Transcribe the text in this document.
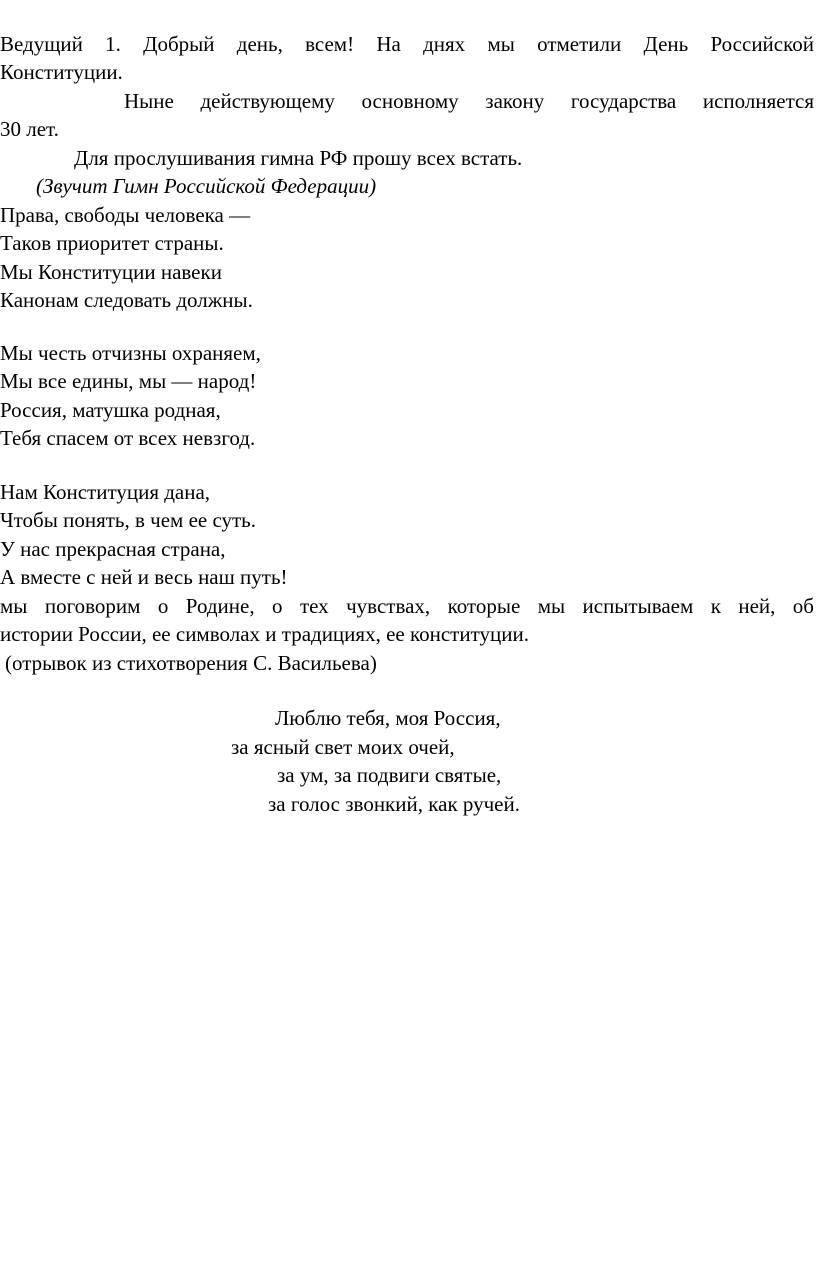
Ведущий 1. Добрый день, всем! На днях мы отметили День Российской
Конституции.
Ныне действующему основному закону государства исполняется
30 лет.
Для прослушивания гимна РФ прошу всех встать.
(Звучит Гимн Российской Федерации)
Права, свободы человека —
Таков приоритет страны.
Мы Конституции навеки
Канонам следовать должны.
Мы честь отчизны охраняем,
Мы все едины, мы — народ!
Россия, матушка родная,
Тебя спасем от всех невзгод.
Нам Конституция дана,
Чтобы понять, в чем ее суть.
У нас прекрасная страна,
А вместе с ней и весь наш путь!
мы поговорим о Родине, о тех чувствах, которые мы испытываем к ней, об
истории России, ее символах и традициях, ее конституции.
(отрывок из стихотворения С. Васильева)
Люблю тебя, моя Россия,
за ясный свет моих очей,
за ум, за подвиги святые,
за голос звонкий, как ручей.
